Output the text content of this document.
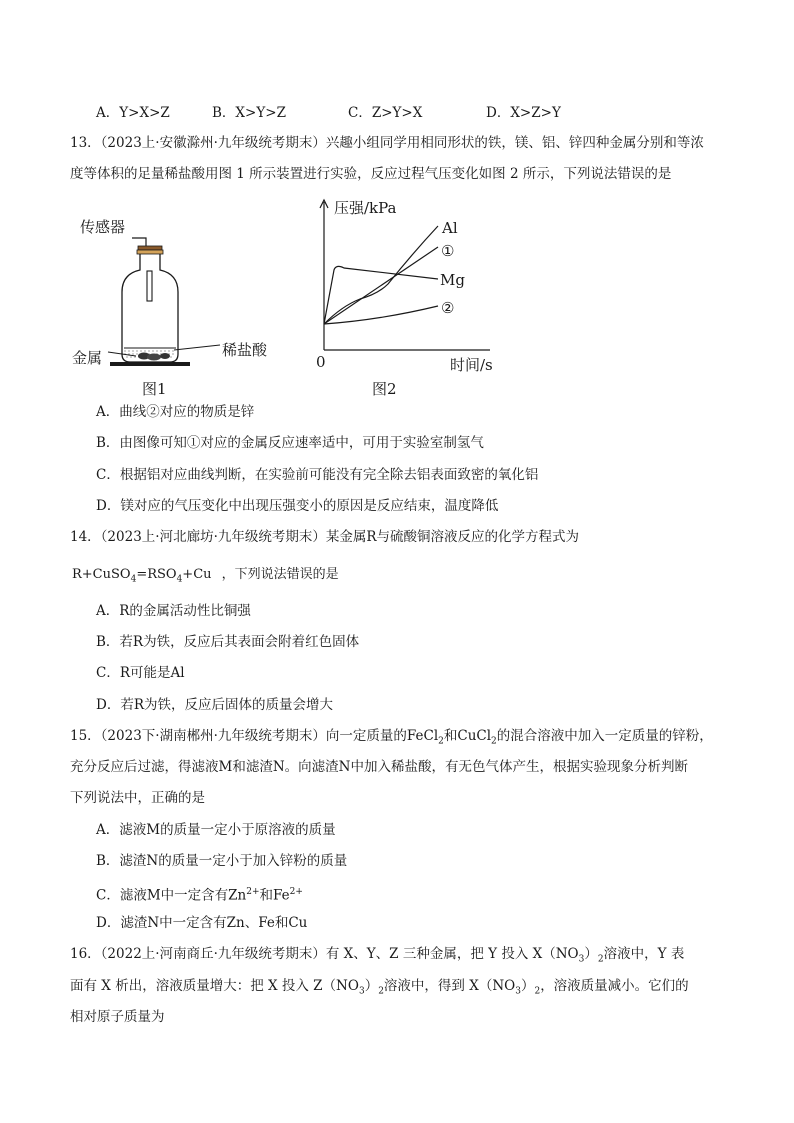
A．Y>X>Z	B．X>Y>Z	C．Z>Y>X	D．X>Z>Y
13．（2023上·安徽滁州·九年级统考期末）兴趣小组同学用相同形状的铁，镁、铝、锌四种金属分别和等浓
度等体积的足量稀盐酸用图 1 所示装置进行实验，反应过程气压变化如图 2 所示，下列说法错误的是
传感器
金属	稀盐酸
图1
压强/kPa
0	时间/s
Al
①
Mg
②
图2
A．曲线②对应的物质是锌
B．由图像可知①对应的金属反应速率适中，可用于实验室制氢气
C．根据铝对应曲线判断，在实验前可能没有完全除去铝表面致密的氧化铝
D．镁对应的气压变化中出现压强变小的原因是反应结束，温度降低
14．（2023上·河北廊坊·九年级统考期末）某金属R与硫酸铜溶液反应的化学方程式为
$R+CuSO_4=RSO_4+Cu$ ，下列说法错误的是
A．R的金属活动性比铜强
B．若R为铁，反应后其表面会附着红色固体
C．R可能是Al
D．若R为铁，反应后固体的质量会增大
15．（2023下·湖南郴州·九年级统考期末）向一定质量的FeCl$_2$和CuCl$_2$的混合溶液中加入一定质量的锌粉，
充分反应后过滤，得滤液M和滤渣N。向滤渣N中加入稀盐酸，有无色气体产生，根据实验现象分析判断
下列说法中，正确的是
A．滤液M的质量一定小于原溶液的质量
B．滤渣N的质量一定小于加入锌粉的质量
C．滤液M中一定含有$Zn^{2+}$和$Fe^{2+}$
D．滤渣N中一定含有Zn、Fe和Cu
16．（2022上·河南商丘·九年级统考期末）有 X、Y、Z 三种金属，把 Y 投入 $X(NO_3)_2$溶液中，Y 表
面有 X 析出，溶液质量增大：把 X 投入 $Z(NO_3)_2$溶液中，得到 $X(NO_3)_2$，溶液质量减小。它们的
相对原子质量为
